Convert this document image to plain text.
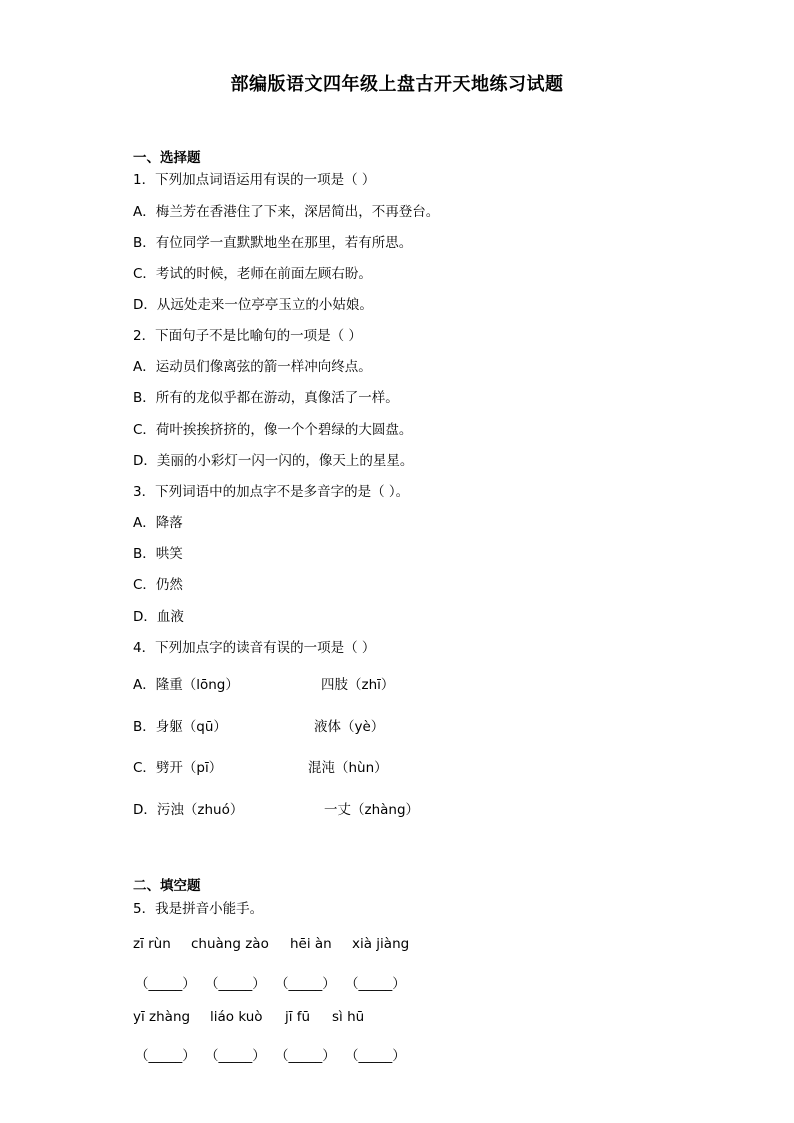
部编版语文四年级上盘古开天地练习试题
一、选择题
1．下列加点词语运用有误的一项是（ ）
A．梅兰芳在香港住了下来，深居简出，不再登台。
B．有位同学一直默默地坐在那里，若有所思。
C．考试的时候，老师在前面左顾右盼。
D．从远处走来一位亭亭玉立的小姑娘。
2．下面句子不是比喻句的一项是（ ）
A．运动员们像离弦的箭一样冲向终点。
B．所有的龙似乎都在游动，真像活了一样。
C．荷叶挨挨挤挤的，像一个个碧绿的大圆盘。
D．美丽的小彩灯一闪一闪的，像天上的星星。
3．下列词语中的加点字不是多音字的是（ ）。
A．降落
B．哄笑
C．仍然
D．血液
4．下列加点字的读音有误的一项是（ ）
A．隆重（lōng）	四肢（zhī）
B．身躯（qū）	液体（yè）
C．劈开（pī）	混沌（hùn）
D．污浊（zhuó）	一丈（zhàng）
二、填空题
5．我是拼音小能手。
zī rùn chuàng zào hēi àn xià jiàng
（_____） （_____） （_____） （_____）
yī zhàng liáo kuò jī fū sì hū
（_____） （_____） （_____） （_____）
